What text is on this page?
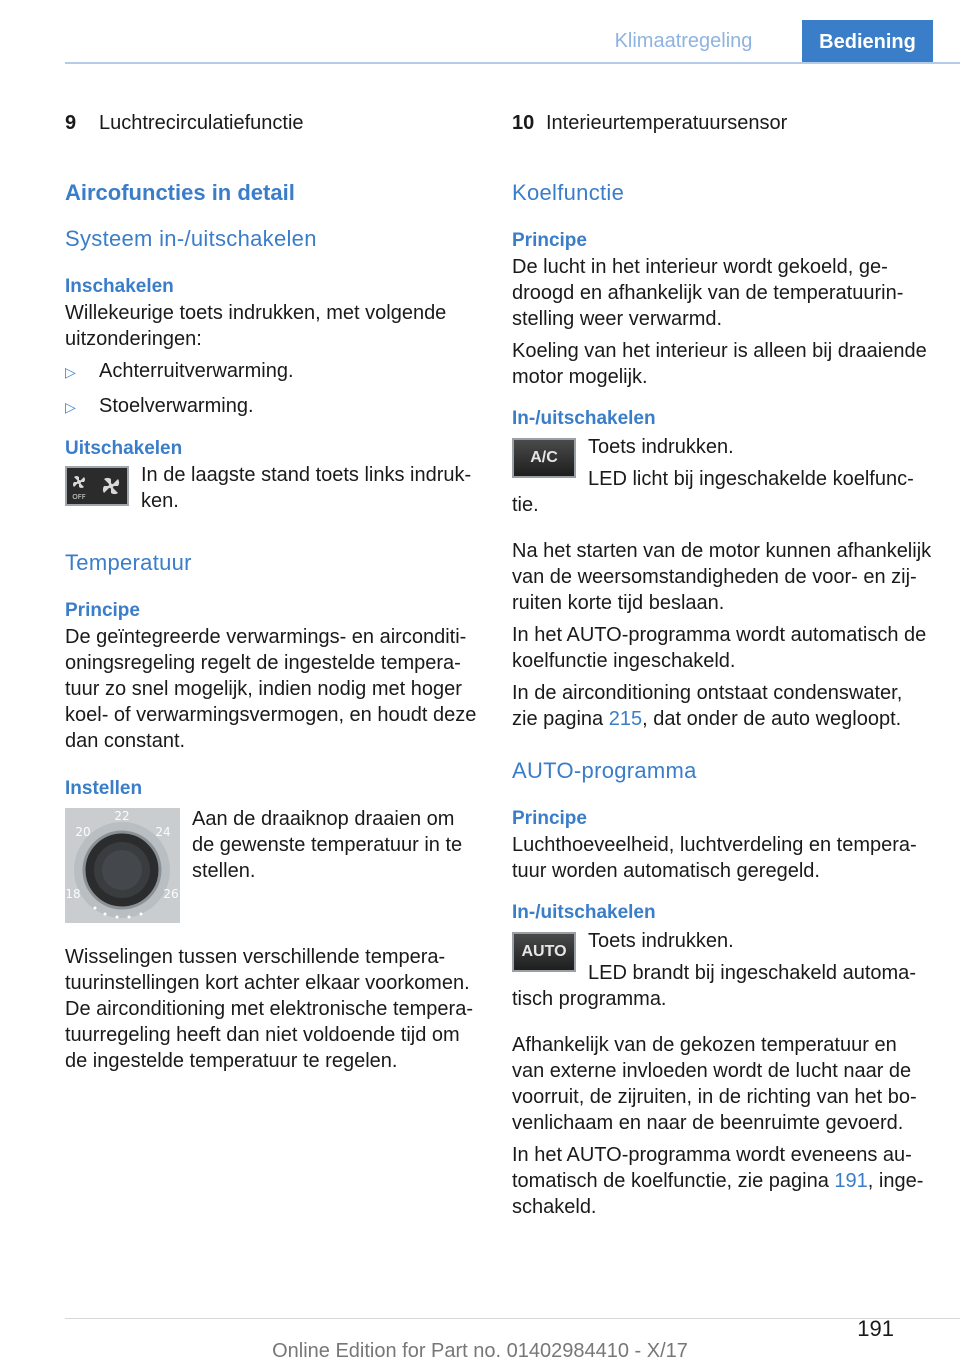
Klimaatregeling	Bediening
9	Luchtrecirculatiefunctie
Aircofuncties in detail
Systeem in-/uitschakelen
Inschakelen

Willekeurige toets indrukken, met volgende uitzonderingen:

▷	Achterruitverwarming.
▷	Stoelverwarming.
Uitschakelen
OFF

In de laagste stand toets links indrukken.

Temperatuur
Principe

De geïntegreerde verwarmings- en airconditioningsregeling regelt de ingestelde temperatuur zo snel mogelijk, indien nodig met hoger koel- of verwarmingsvermogen, en houdt deze dan constant.

Instellen
18
20
22
24
26

Aan de draaiknop draaien om de gewenste temperatuur in te stellen.

Wisselingen tussen verschillende temperatuurinstellingen kort achter elkaar voorkomen. De airconditioning met elektronische temperatuurregeling heeft dan niet voldoende tijd om de ingestelde temperatuur te regelen.

10 Interieurtemperatuursensor
Koelfunctie
Principe

De lucht in het interieur wordt gekoeld, gedroogd en afhankelijk van de temperatuurinstelling weer verwarmd.

Koeling van het interieur is alleen bij draaiende motor mogelijk.

In-/uitschakelen
A/C	Toets indrukken.

LED licht bij ingeschakelde koelfunctie.

Na het starten van de motor kunnen afhankelijk van de weersomstandigheden de voor- en zijruiten korte tijd beslaan.

In het AUTO-programma wordt automatisch de koelfunctie ingeschakeld.

In de airconditioning ontstaat condenswater, zie pagina 215, dat onder de auto wegloopt.

AUTO-programma
Principe

Luchthoeveelheid, luchtverdeling en temperatuur worden automatisch geregeld.

In-/uitschakelen
AUTO	Toets indrukken.

LED brandt bij ingeschakeld automatisch programma.

Afhankelijk van de gekozen temperatuur en van externe invloeden wordt de lucht naar de voorruit, de zijruiten, in de richting van het bovenlichaam en naar de beenruimte gevoerd.

In het AUTO-programma wordt eveneens automatisch de koelfunctie, zie pagina 191, ingeschakeld.

191
Online Edition for Part no. 01402984410 - X/17
